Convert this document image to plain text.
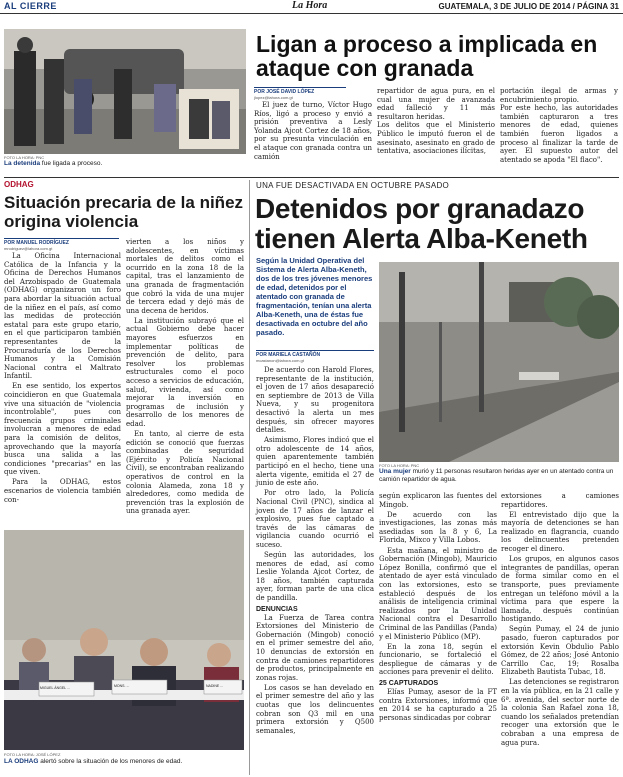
AL CIERRE	La Hora	GUATEMALA, 3 DE JULIO DE 2014 / PÁGINA 31
FOTO LA HORA: PNC
La detenida fue ligada a proceso.
Ligan a proceso a implicada en ataque con granada
POR JOSÉ DAVID LÓPEZ
jlopez@lahora.com.gt

El juez de turno, Víctor Hugo Ríos, ligó a proceso y envió a prisión preventiva a Lesly Yolanda Ajcot Cortez de 18 años, por su presunta vinculación en el ataque con granada contra un camión

repartidor de agua pura, en el cual una mujer de avanzada edad falleció y 11 más resultaron heridas.
Los delitos que el Ministerio Público le imputó fueron el de asesinato, asesinato en grado de tentativa, asociaciones ilícitas,

portación ilegal de armas y encubrimiento propio.
Por este hecho, las autoridades también capturaron a tres menores de edad, quienes también fueron ligados a proceso al finalizar la tarde de ayer. El supuesto autor del atentado se apoda "El flaco".

ODHAG
Situación precaria de la niñez origina violencia
POR MANUEL RODRÍGUEZ
mrodriguez@lahora.com.gt

La Oficina Internacional Católica de la Infancia y la Oficina de Derechos Humanos del Arzobispado de Guatemala (ODHAG) organizaron un foro para abordar la situación actual de la niñez en el país, así como las medidas de protección estatal para este grupo etario, en el que participaron también representantes de la Procuraduría de los Derechos Humanos y la Comisión Nacional contra el Maltrato Infantil.

En ese sentido, los expertos coincidieron en que Guatemala vive una situación de "violencia incontrolable", pues con frecuencia grupos criminales involucran a menores de edad para la comisión de delitos, aprovechando que la mayoría busca una salida a las condiciones "precarias" en las que viven.

Para la ODHAG, estos escenarios de violencia también con-

vierten a los niños y adolescentes, en víctimas mortales de delitos como el ocurrido en la zona 18 de la capital, tras el lanzamiento de una granada de fragmentación que cobró la vida de una mujer de tercera edad y dejó más de una decena de heridos.

La institución subrayó que el actual Gobierno debe hacer mayores esfuerzos en implementar políticas de prevención de delito, para resolver los problemas estructurales como el poco acceso a servicios de educación, salud, vivienda, así como mejorar la inversión en programas de inclusión y desarrollo de los menores de edad.

En tanto, al cierre de esta edición se conoció que fuerzas combinadas de seguridad (Ejército y Policía Nacional Civil), se encontraban realizando operativos de control en la colonia Alameda, zona 18 y alrededores, como medida de prevención tras la explosión de una granada ayer.

MIGUEL ÁNGEL ...	MONS. ...	NADINE ...
FOTO LA HORA: JOSÉ LÓPEZ
LA ODHAG alertó sobre la situación de los menores de edad.
UNA FUE DESACTIVADA EN OCTUBRE PASADO
Detenidos por granadazo tienen Alerta Alba-Keneth
Según la Unidad Operativa del Sistema de Alerta Alba-Keneth, dos de los tres jóvenes menores de edad, detenidos por el atentado con granada de fragmentación, tenían una alerta Alba-Keneth, una de éstas fue desactivada en octubre del año pasado.
POR MARIELA CASTAÑÓN
mcastanon@lahora.com.gt
FOTO LA HORA: PNC
Una mujer murió y 11 personas resultaron heridas ayer en un atentado contra un camión repartidor de agua.

De acuerdo con Harold Flores, representante de la institución, el joven de 17 años desapareció en septiembre de 2013 de Villa Nueva, y su progenitora desactivó la alerta un mes después, sin ofrecer mayores detalles.

Asimismo, Flores indicó que el otro adolescente de 14 años, quien aparentemente también participó en el hecho, tiene una alerta vigente, emitida el 27 de junio de este año.

Por otro lado, la Policía Nacional Civil (PNC), sindica al joven de 17 años de lanzar el explosivo, pues fue captado a través de las cámaras de vigilancia cuando ocurrió el suceso.

Según las autoridades, los menores de edad, así como Leslie Yolanda Ajcot Cortez, de 18 años, también capturada ayer, forman parte de una clica de pandilla.

DENUNCIAS

La Fuerza de Tarea contra Extorsiones del Ministerio de Gobernación (Mingob) conoció en el primer semestre del año, 10 denuncias de extorsión en contra de camiones repartidores de productos, principalmente en zonas rojas.

Los casos se han develado en el primer semestre del año y las cuotas que los delincuentes cobran son Q3 mil en una primera extorsión y Q500 semanales,

según explicaron las fuentes del Mingob.

De acuerdo con las investigaciones, las zonas más asediadas son la 8 y 6, La Florida, Mixco y Villa Lobos.

Esta mañana, el ministro de Gobernación (Mingob), Mauricio López Bonilla, confirmó que el atentado de ayer está vinculado con las extorsiones, esto se estableció después de los análisis de inteligencia criminal realizados por la Unidad Nacional contra el Desarrollo Criminal de las Pandillas (Panda) y el Ministerio Público (MP).

En la zona 18, según el funcionario, se fortaleció el despliegue de cámaras y de acciones para prevenir el delito.

25 CAPTURADOS

Elías Pumay, asesor de la FT contra Extorsiones, informó que en 2014 se ha capturado a 25 personas sindicadas por cobrar

extorsiones a camiones repartidores.

El entrevistado dijo que la mayoría de detenciones se han realizado en flagrancia, cuando los delincuentes pretenden recoger el dinero.

Los grupos, en algunos casos integrantes de pandillas, operan de forma similar como en el transporte, pues previamente entregan un teléfono móvil a la víctima para que espere la llamada, después continúan hostigando.

Según Pumay, el 24 de junio pasado, fueron capturados por extorsión Kevin Obdulio Pablo Gómez, de 22 años; José Antonio Carrillo Cac, 19; Rosalba Elizabeth Bautista Tubac, 18.

Las detenciones se registraron en la vía pública, en la 21 calle y 6ª. avenida, del sector norte de la colonia San Rafael zona 18, cuando los señalados pretendían recoger una extorsión que le cobraban a una empresa de agua pura.
